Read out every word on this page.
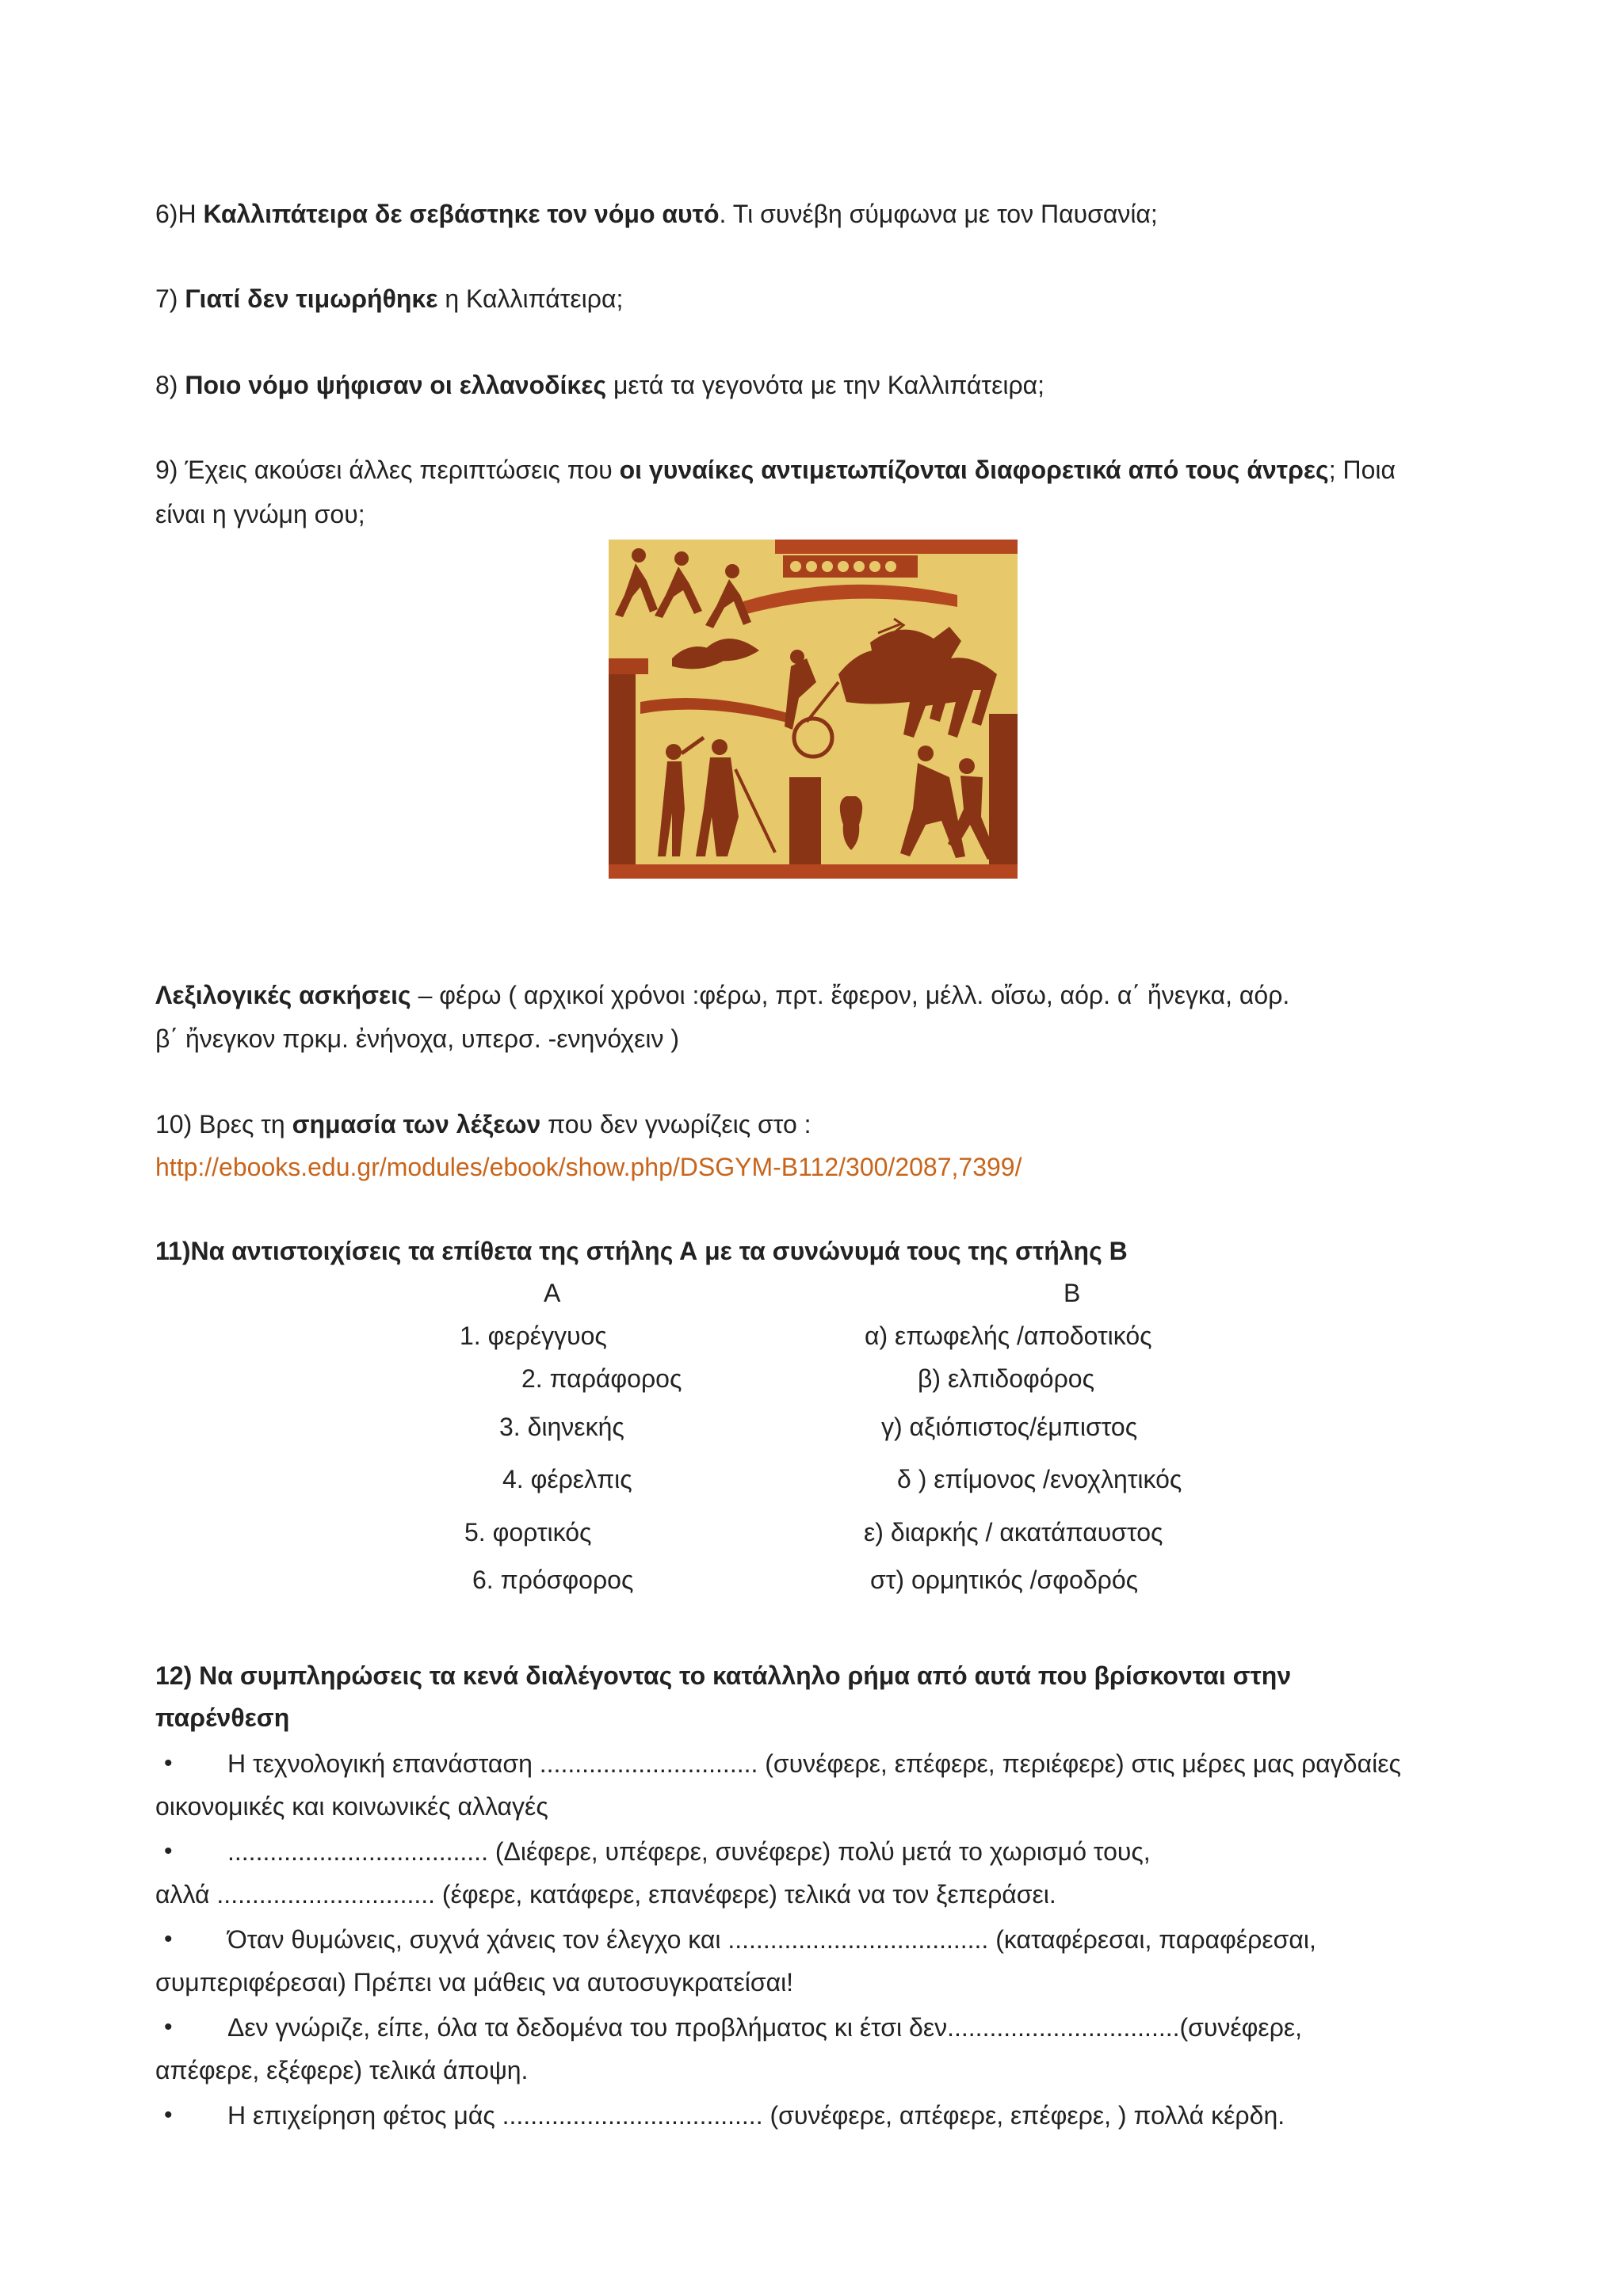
6)Η Καλλιπάτειρα δε σεβάστηκε τον νόμο αυτό. Τι συνέβη σύμφωνα με τον Παυσανία;
7) Γιατί δεν τιμωρήθηκε η Καλλιπάτειρα;
8) Ποιο νόμο ψήφισαν οι ελλανοδίκες μετά τα γεγονότα με την Καλλιπάτειρα;
9) Έχεις ακούσει άλλες περιπτώσεις που οι γυναίκες αντιμετωπίζονται διαφορετικά από τους άντρες; Ποια
είναι η γνώμη σου;
Λεξιλογικές ασκήσεις – φέρω ( αρχικοί χρόνοι :φέρω, πρτ. ἔφερον, μέλλ. οἴσω, αόρ. α΄ ἤνεγκα, αόρ.
β΄ ἤνεγκον πρκμ. ἐνήνοχα, υπερσ. -ενηνόχειν )
10) Βρες τη σημασία των λέξεων που δεν γνωρίζεις στο :
http://ebooks.edu.gr/modules/ebook/show.php/DSGYM-B112/300/2087,7399/
11)Να αντιστοιχίσεις τα επίθετα της στήλης Α με τα συνώνυμά τους της στήλης Β
Α	Β
1. φερέγγυος
2. παράφορος
3. διηνεκής
4. φέρελπις
5. φορτικός
6. πρόσφορος
α) επωφελής /αποδοτικός
β) ελπιδοφόρος
γ) αξιόπιστος/έμπιστος
δ ) επίμονος /ενοχλητικός
ε) διαρκής / ακατάπαυστος
στ) ορμητικός /σφοδρός
12) Να συμπληρώσεις τα κενά διαλέγοντας το κατάλληλο ρήμα από αυτά που βρίσκονται στην
παρένθεση
• Η τεχνολογική επανάσταση ............................... (συνέφερε, επέφερε, περιέφερε) στις μέρες μας ραγδαίες
οικονομικές και κοινωνικές αλλαγές
• ..................................... (Διέφερε, υπέφερε, συνέφερε) πολύ μετά το χωρισμό τους,
αλλά ............................... (έφερε, κατάφερε, επανέφερε) τελικά να τον ξεπεράσει.
• Όταν θυμώνεις, συχνά χάνεις τον έλεγχο και ..................................... (καταφέρεσαι, παραφέρεσαι,
συμπεριφέρεσαι) Πρέπει να μάθεις να αυτοσυγκρατείσαι!
• Δεν γνώριζε, είπε, όλα τα δεδομένα του προβλήματος κι έτσι δεν.................................(συνέφερε,
απέφερε, εξέφερε) τελικά άποψη.
• Η επιχείρηση φέτος μάς ..................................... (συνέφερε, απέφερε, επέφερε, ) πολλά κέρδη.
